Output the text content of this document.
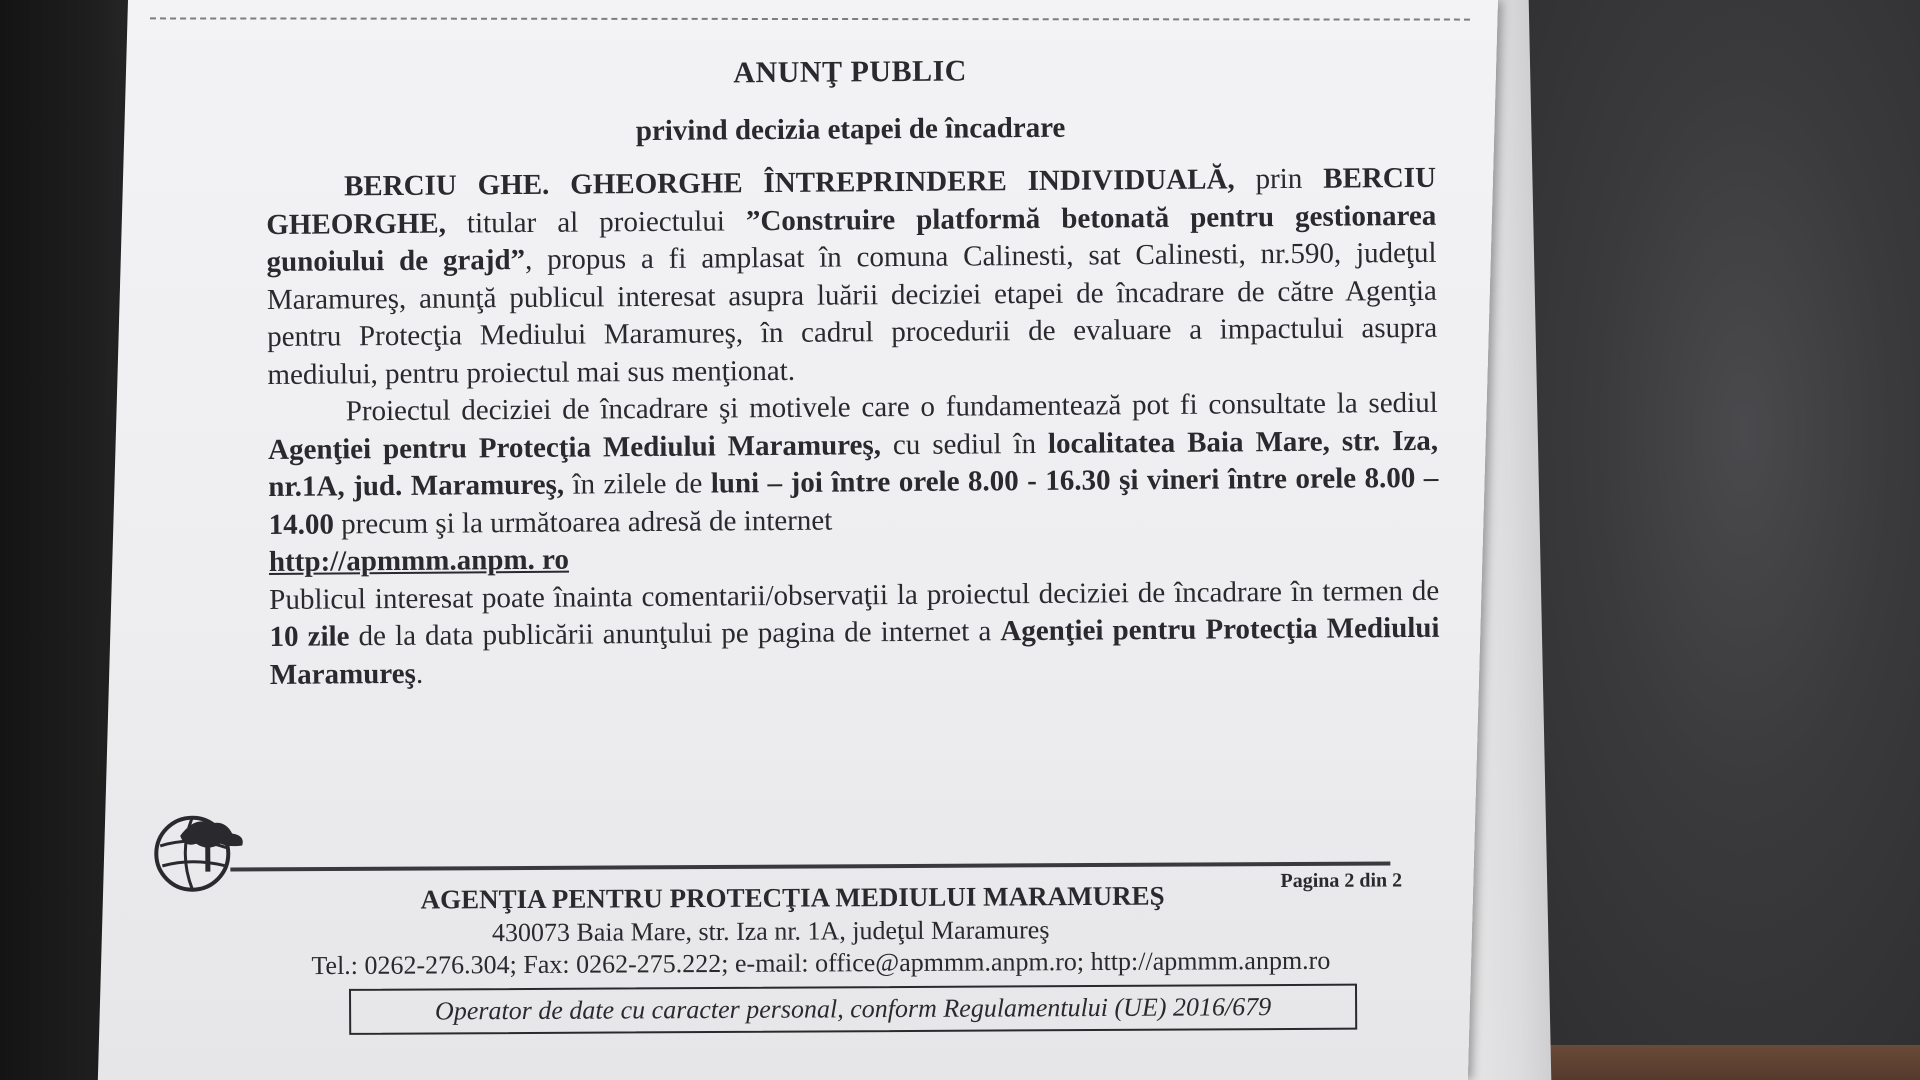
ANUNŢ PUBLIC
privind decizia etapei de încadrare

BERCIU GHE. GHEORGHE ÎNTREPRINDERE INDIVIDUALĂ, prin BERCIU GHEORGHE, titular al proiectului ”Construire platformă betonată pentru gestionarea gunoiului de grajd”, propus a fi amplasat în comuna Calinesti, sat Calinesti, nr.590, judeţul Maramureş, anunţă publicul interesat asupra luării deciziei etapei de încadrare de către Agenţia pentru Protecţia Mediului Maramureş, în cadrul procedurii de evaluare a impactului asupra mediului, pentru proiectul mai sus menţionat.

Proiectul deciziei de încadrare şi motivele care o fundamentează pot fi consultate la sediul Agenţiei pentru Protecţia Mediului Maramureş, cu sediul în localitatea Baia Mare, str. Iza, nr.1A, jud. Maramureş, în zilele de luni – joi între orele 8.00 - 16.30 şi vineri între orele 8.00 – 14.00 precum şi la următoarea adresă de internet

http://apmmm.anpm. ro

Publicul interesat poate înainta comentarii/observaţii la proiectul deciziei de încadrare în termen de 10 zile de la data publicării anunţului pe pagina de internet a Agenţiei pentru Protecţia Mediului Maramureş.

Pagina 2 din 2
AGENŢIA PENTRU PROTECŢIA MEDIULUI MARAMUREŞ
430073 Baia Mare, str. Iza nr. 1A, judeţul Maramureş
Tel.: 0262-276.304; Fax: 0262-275.222; e-mail: office@apmmm.anpm.ro; http://apmmm.anpm.ro
Operator de date cu caracter personal, conform Regulamentului (UE) 2016/679
